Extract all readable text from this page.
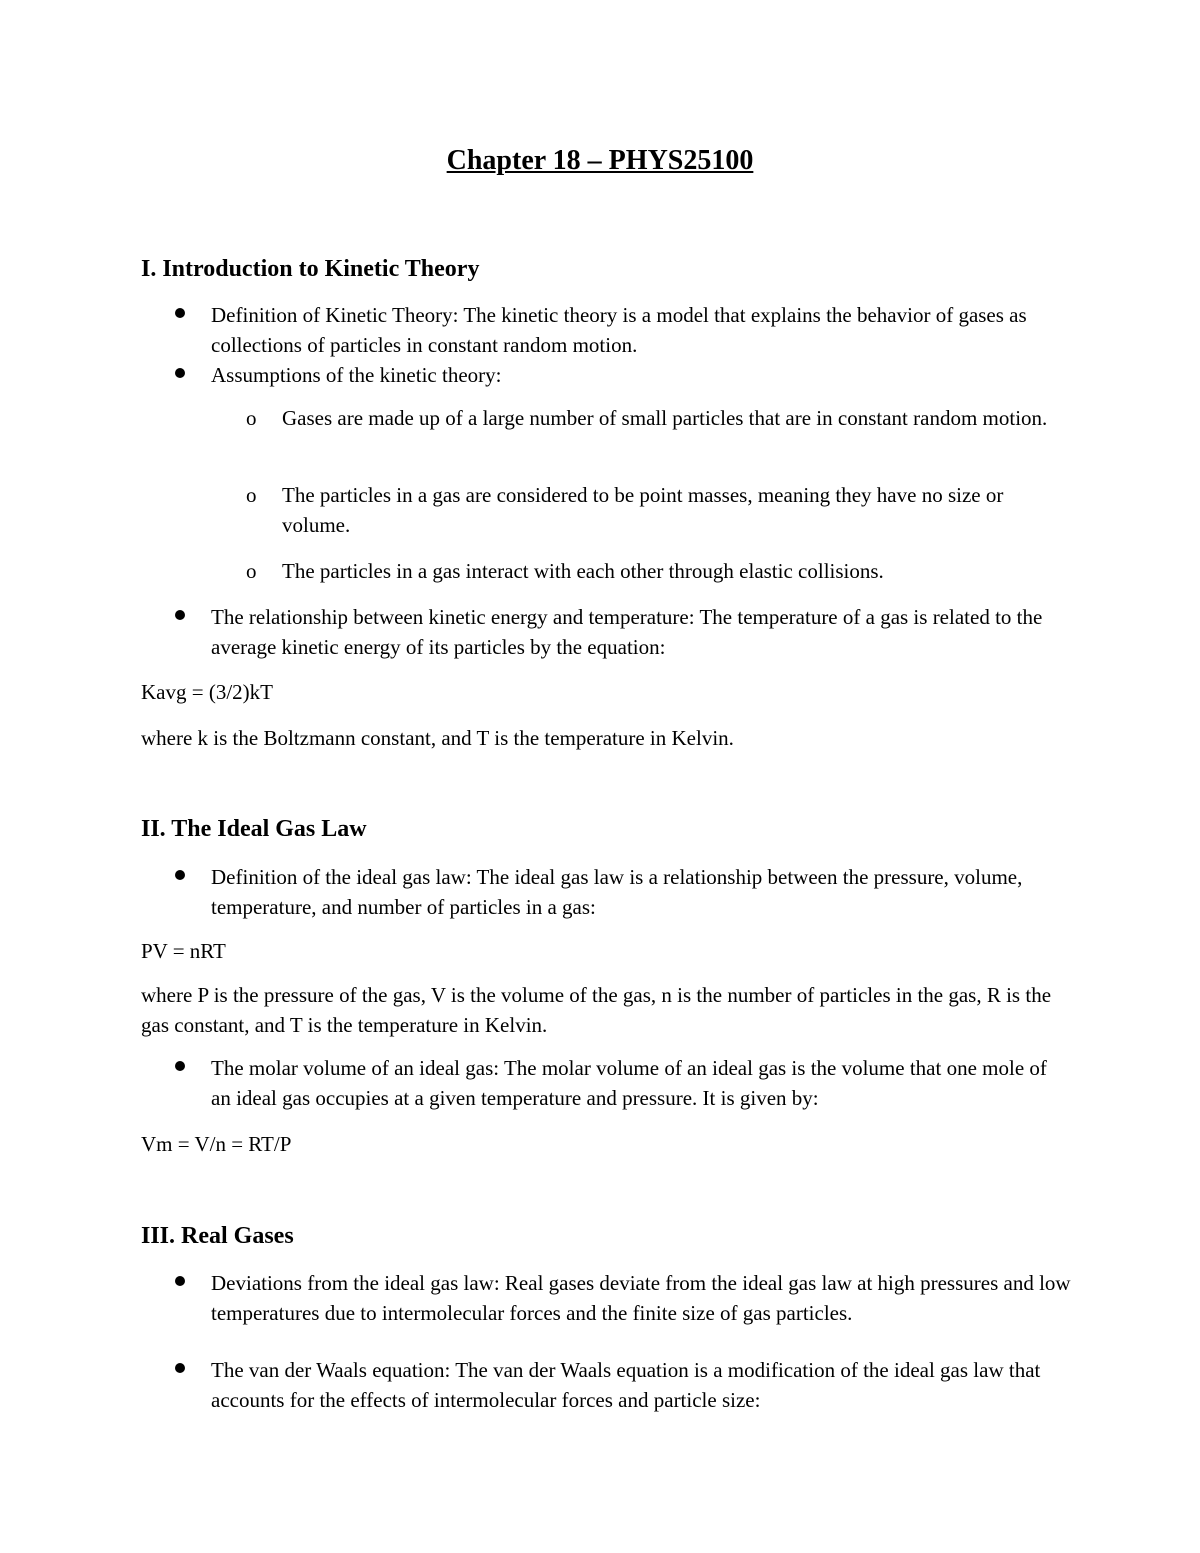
Chapter 18 – PHYS25100
I. Introduction to Kinetic Theory
Definition of Kinetic Theory: The kinetic theory is a model that explains the behavior of gases as collections of particles in constant random motion.
Assumptions of the kinetic theory:
o Gases are made up of a large number of small particles that are in constant random motion.
o The particles in a gas are considered to be point masses, meaning they have no size or volume.
o The particles in a gas interact with each other through elastic collisions.
The relationship between kinetic energy and temperature: The temperature of a gas is related to the average kinetic energy of its particles by the equation:
Kavg = (3/2)kT
where k is the Boltzmann constant, and T is the temperature in Kelvin.
II. The Ideal Gas Law
Definition of the ideal gas law: The ideal gas law is a relationship between the pressure, volume, temperature, and number of particles in a gas:
PV = nRT
where P is the pressure of the gas, V is the volume of the gas, n is the number of particles in the gas, R is the gas constant, and T is the temperature in Kelvin.
The molar volume of an ideal gas: The molar volume of an ideal gas is the volume that one mole of an ideal gas occupies at a given temperature and pressure. It is given by:
Vm = V/n = RT/P
III. Real Gases
Deviations from the ideal gas law: Real gases deviate from the ideal gas law at high pressures and low temperatures due to intermolecular forces and the finite size of gas particles.
The van der Waals equation: The van der Waals equation is a modification of the ideal gas law that accounts for the effects of intermolecular forces and particle size:
